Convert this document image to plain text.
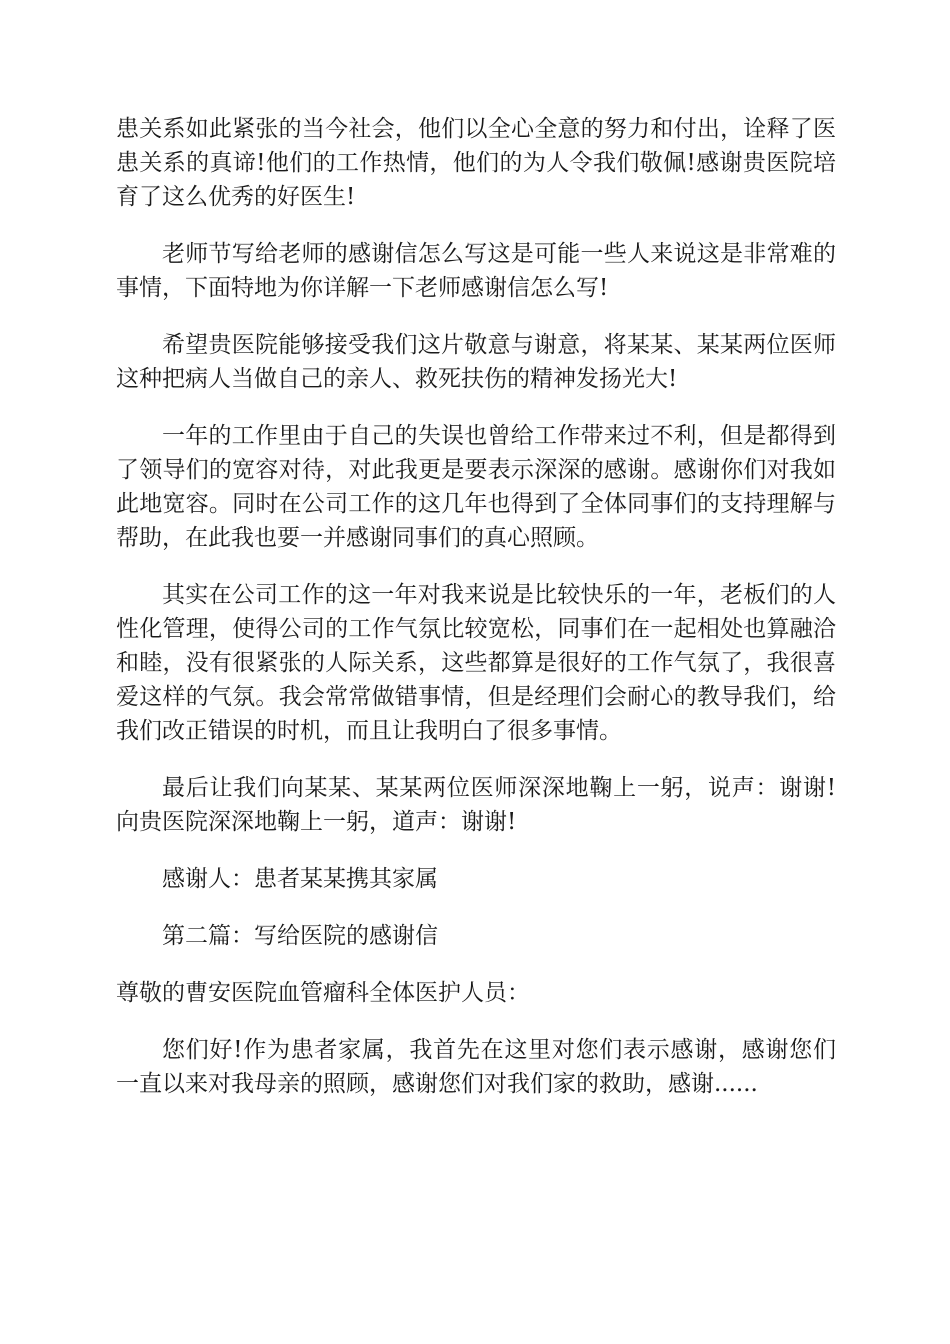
患关系如此紧张的当今社会，他们以全心全意的努力和付出，诠释了医患关系的真谛!他们的工作热情，他们的为人令我们敬佩!感谢贵医院培育了这么优秀的好医生!

老师节写给老师的感谢信怎么写这是可能一些人来说这是非常难的事情，下面特地为你详解一下老师感谢信怎么写!

希望贵医院能够接受我们这片敬意与谢意，将某某、某某两位医师这种把病人当做自己的亲人、救死扶伤的精神发扬光大!

一年的工作里由于自己的失误也曾给工作带来过不利，但是都得到了领导们的宽容对待，对此我更是要表示深深的感谢。感谢你们对我如此地宽容。同时在公司工作的这几年也得到了全体同事们的支持理解与帮助，在此我也要一并感谢同事们的真心照顾。

其实在公司工作的这一年对我来说是比较快乐的一年，老板们的人性化管理，使得公司的工作气氛比较宽松，同事们在一起相处也算融洽和睦，没有很紧张的人际关系，这些都算是很好的工作气氛了，我很喜爱这样的气氛。我会常常做错事情，但是经理们会耐心的教导我们，给我们改正错误的时机，而且让我明白了很多事情。

最后让我们向某某、某某两位医师深深地鞠上一躬，说声：谢谢!向贵医院深深地鞠上一躬，道声：谢谢!

感谢人：患者某某携其家属

第二篇：写给医院的感谢信

尊敬的曹安医院血管瘤科全体医护人员：

您们好!作为患者家属，我首先在这里对您们表示感谢，感谢您们一直以来对我母亲的照顾，感谢您们对我们家的救助，感谢......
